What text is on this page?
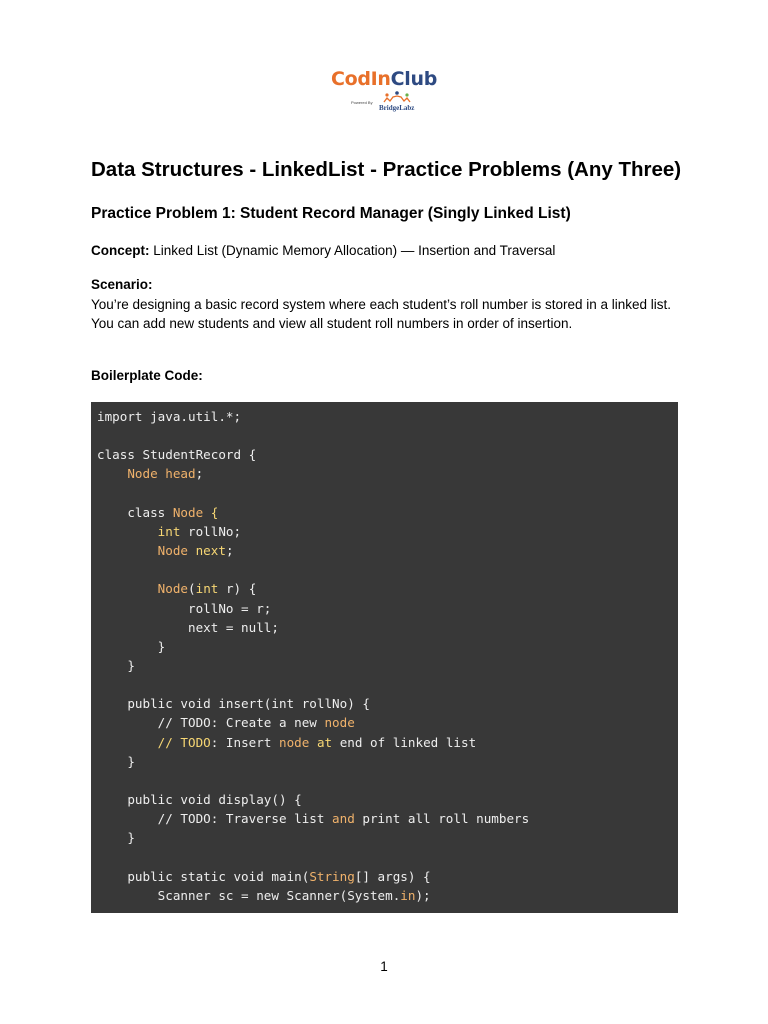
CodInClub
Powered By
BridgeLabz
Data Structures - LinkedList - Practice Problems (Any Three)
Practice Problem 1: Student Record Manager (Singly Linked List)
Concept: Linked List (Dynamic Memory Allocation) — Insertion and Traversal
Scenario:

You’re designing a basic record system where each student’s roll number is stored in a linked list.

You can add new students and view all student roll numbers in order of insertion.

Boilerplate Code:
import java.util.*;
class StudentRecord {
Node head;
class Node {
int rollNo;
Node next;
Node(int r) {
rollNo = r;
next = null;
}
}
public void insert(int rollNo) {
// TODO: Create a new node
// TODO: Insert node at end of linked list
}
public void display() {
// TODO: Traverse list and print all roll numbers
}
public static void main(String[] args) {
Scanner sc = new Scanner(System.in);
1
